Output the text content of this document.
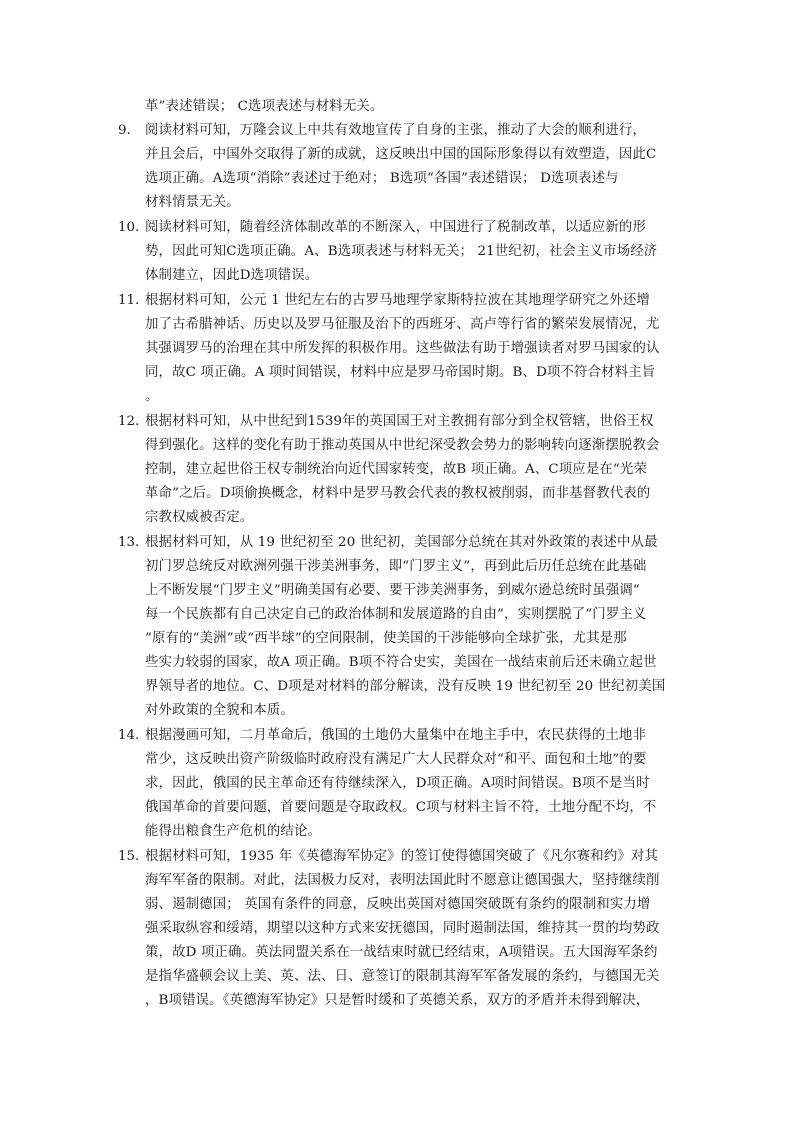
革”表述错误； C选项表述与材料无关。
9. 阅读材料可知，万隆会议上中共有效地宣传了自身的主张，推动了大会的顺利进行，
并且会后，中国外交取得了新的成就，这反映出中国的国际形象得以有效塑造，因此C
选项正确。A选项“消除”表述过于绝对； B选项“各国”表述错误； D选项表述与
材料情景无关。
10. 阅读材料可知，随着经济体制改革的不断深入，中国进行了税制改革，以适应新的形
势，因此可知C选项正确。A、B选项表述与材料无关； 21世纪初，社会主义市场经济
体制建立，因此D选项错误。
11. 根据材料可知，公元 1 世纪左右的古罗马地理学家斯特拉波在其地理学研究之外还增
加了古希腊神话、历史以及罗马征服及治下的西班牙、高卢等行省的繁荣发展情况，尤
其强调罗马的治理在其中所发挥的积极作用。这些做法有助于增强读者对罗马国家的认
同，故C 项正确。A 项时间错误，材料中应是罗马帝国时期。B、D项不符合材料主旨
。
12. 根据材料可知，从中世纪到1539年的英国国王对主教拥有部分到全权管辖，世俗王权
得到强化。这样的变化有助于推动英国从中世纪深受教会势力的影响转向逐渐摆脱教会
控制，建立起世俗王权专制统治向近代国家转变，故B 项正确。A、C项应是在“光荣
革命”之后。D项偷换概念，材料中是罗马教会代表的教权被削弱，而非基督教代表的
宗教权威被否定。
13. 根据材料可知，从 19 世纪初至 20 世纪初，美国部分总统在其对外政策的表述中从最
初门罗总统反对欧洲列强干涉美洲事务，即“门罗主义”，再到此后历任总统在此基础
上不断发展“门罗主义”明确美国有必要、要干涉美洲事务，到威尔逊总统时虽强调“
每一个民族都有自己决定自己的政治体制和发展道路的自由”，实则摆脱了“门罗主义
”原有的“美洲”或“西半球”的空间限制，使美国的干涉能够向全球扩张，尤其是那
些实力较弱的国家，故A 项正确。B项不符合史实，美国在一战结束前后还未确立起世
界领导者的地位。C、D项是对材料的部分解读，没有反映 19 世纪初至 20 世纪初美国
对外政策的全貌和本质。
14. 根据漫画可知，二月革命后，俄国的土地仍大量集中在地主手中，农民获得的土地非
常少，这反映出资产阶级临时政府没有满足广大人民群众对“和平、面包和土地”的要
求，因此，俄国的民主革命还有待继续深入，D项正确。A项时间错误。B项不是当时
俄国革命的首要问题，首要问题是夺取政权。C项与材料主旨不符，土地分配不均，不
能得出粮食生产危机的结论。
15. 根据材料可知，1935 年《英德海军协定》的签订使得德国突破了《凡尔赛和约》对其
海军军备的限制。对此，法国极力反对，表明法国此时不愿意让德国强大，坚持继续削
弱、遏制德国； 英国有条件的同意，反映出英国对德国突破既有条约的限制和实力增
强采取纵容和绥靖，期望以这种方式来安抚德国，同时遏制法国，维持其一贯的均势政
策，故D 项正确。英法同盟关系在一战结束时就已经结束，A项错误。五大国海军条约
是指华盛顿会议上美、英、法、日、意签订的限制其海军军备发展的条约，与德国无关
，B项错误。《英德海军协定》只是暂时缓和了英德关系，双方的矛盾并未得到解决，
